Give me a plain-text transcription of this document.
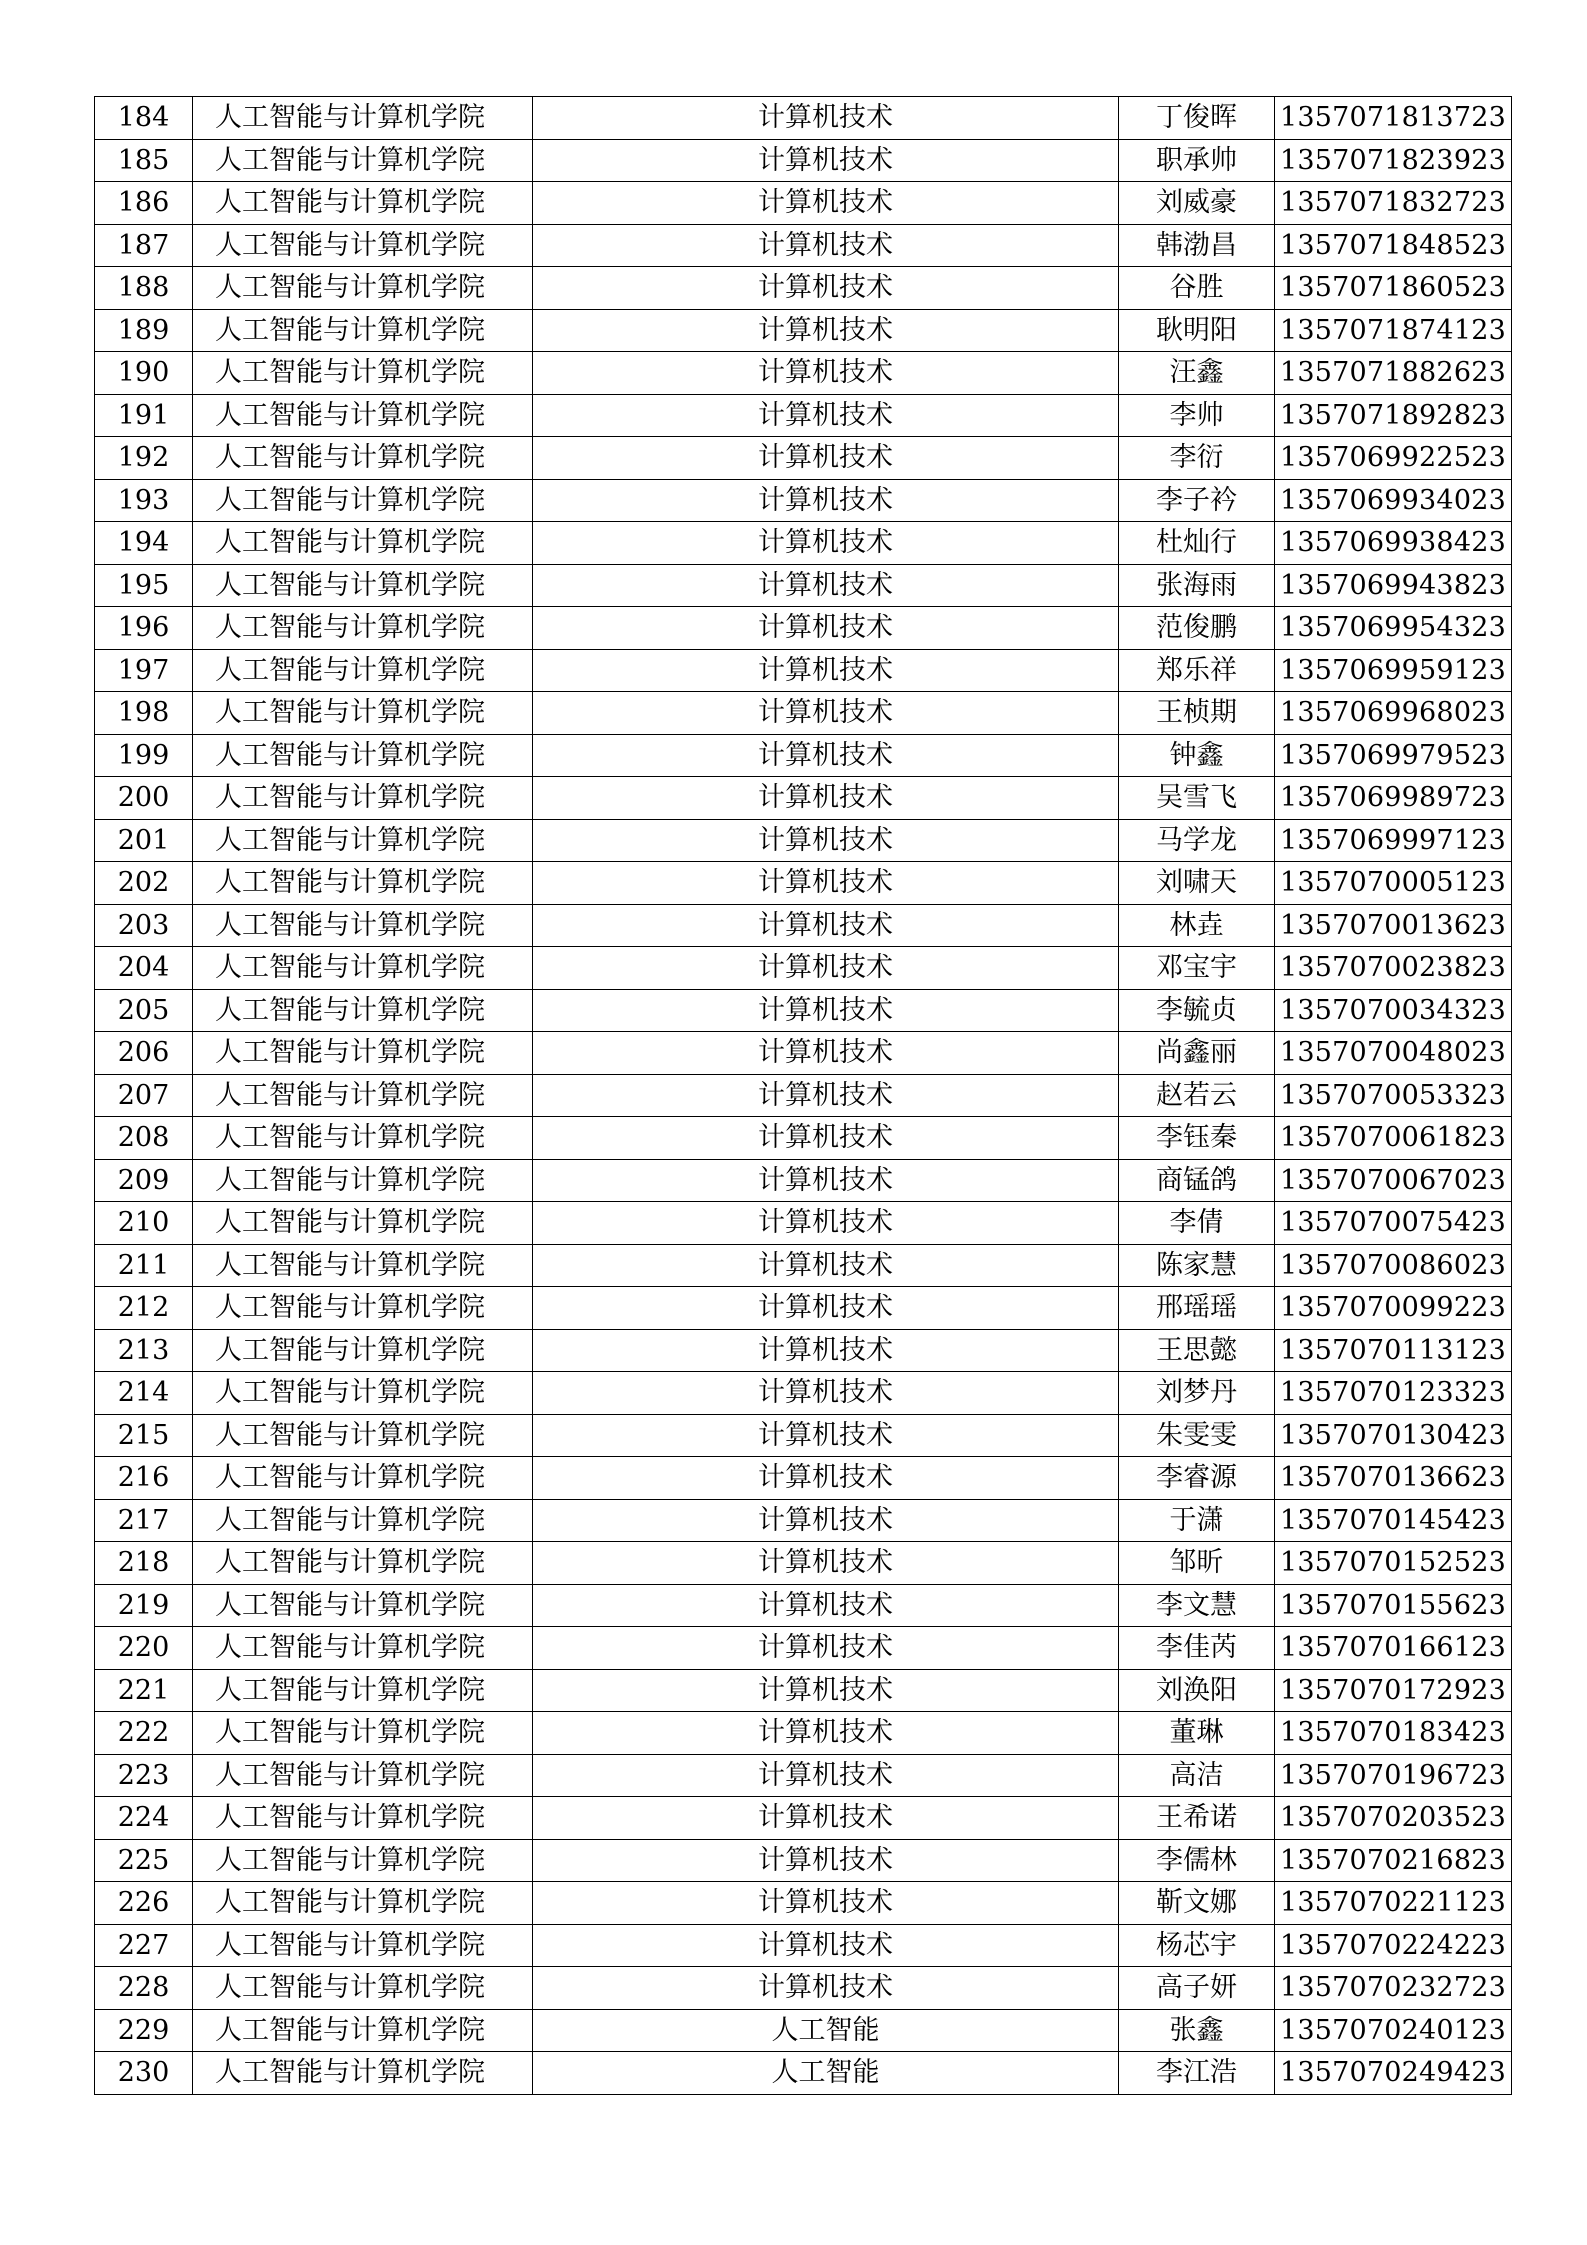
184	人工智能与计算机学院	计算机技术	丁俊晖	1357071813723
185	人工智能与计算机学院	计算机技术	职承帅	1357071823923
186	人工智能与计算机学院	计算机技术	刘威豪	1357071832723
187	人工智能与计算机学院	计算机技术	韩渤昌	1357071848523
188	人工智能与计算机学院	计算机技术	谷胜	1357071860523
189	人工智能与计算机学院	计算机技术	耿明阳	1357071874123
190	人工智能与计算机学院	计算机技术	汪鑫	1357071882623
191	人工智能与计算机学院	计算机技术	李帅	1357071892823
192	人工智能与计算机学院	计算机技术	李衍	1357069922523
193	人工智能与计算机学院	计算机技术	李子衿	1357069934023
194	人工智能与计算机学院	计算机技术	杜灿行	1357069938423
195	人工智能与计算机学院	计算机技术	张海雨	1357069943823
196	人工智能与计算机学院	计算机技术	范俊鹏	1357069954323
197	人工智能与计算机学院	计算机技术	郑乐祥	1357069959123
198	人工智能与计算机学院	计算机技术	王桢期	1357069968023
199	人工智能与计算机学院	计算机技术	钟鑫	1357069979523
200	人工智能与计算机学院	计算机技术	吴雪飞	1357069989723
201	人工智能与计算机学院	计算机技术	马学龙	1357069997123
202	人工智能与计算机学院	计算机技术	刘啸天	1357070005123
203	人工智能与计算机学院	计算机技术	林垚	1357070013623
204	人工智能与计算机学院	计算机技术	邓宝宇	1357070023823
205	人工智能与计算机学院	计算机技术	李毓贞	1357070034323
206	人工智能与计算机学院	计算机技术	尚鑫丽	1357070048023
207	人工智能与计算机学院	计算机技术	赵若云	1357070053323
208	人工智能与计算机学院	计算机技术	李钰秦	1357070061823
209	人工智能与计算机学院	计算机技术	商锰鸽	1357070067023
210	人工智能与计算机学院	计算机技术	李倩	1357070075423
211	人工智能与计算机学院	计算机技术	陈家慧	1357070086023
212	人工智能与计算机学院	计算机技术	邢瑶瑶	1357070099223
213	人工智能与计算机学院	计算机技术	王思懿	1357070113123
214	人工智能与计算机学院	计算机技术	刘梦丹	1357070123323
215	人工智能与计算机学院	计算机技术	朱雯雯	1357070130423
216	人工智能与计算机学院	计算机技术	李睿源	1357070136623
217	人工智能与计算机学院	计算机技术	于潇	1357070145423
218	人工智能与计算机学院	计算机技术	邹昕	1357070152523
219	人工智能与计算机学院	计算机技术	李文慧	1357070155623
220	人工智能与计算机学院	计算机技术	李佳芮	1357070166123
221	人工智能与计算机学院	计算机技术	刘涣阳	1357070172923
222	人工智能与计算机学院	计算机技术	董琳	1357070183423
223	人工智能与计算机学院	计算机技术	高洁	1357070196723
224	人工智能与计算机学院	计算机技术	王希诺	1357070203523
225	人工智能与计算机学院	计算机技术	李儒林	1357070216823
226	人工智能与计算机学院	计算机技术	靳文娜	1357070221123
227	人工智能与计算机学院	计算机技术	杨芯宇	1357070224223
228	人工智能与计算机学院	计算机技术	高子妍	1357070232723
229	人工智能与计算机学院	人工智能	张鑫	1357070240123
230	人工智能与计算机学院	人工智能	李江浩	1357070249423
